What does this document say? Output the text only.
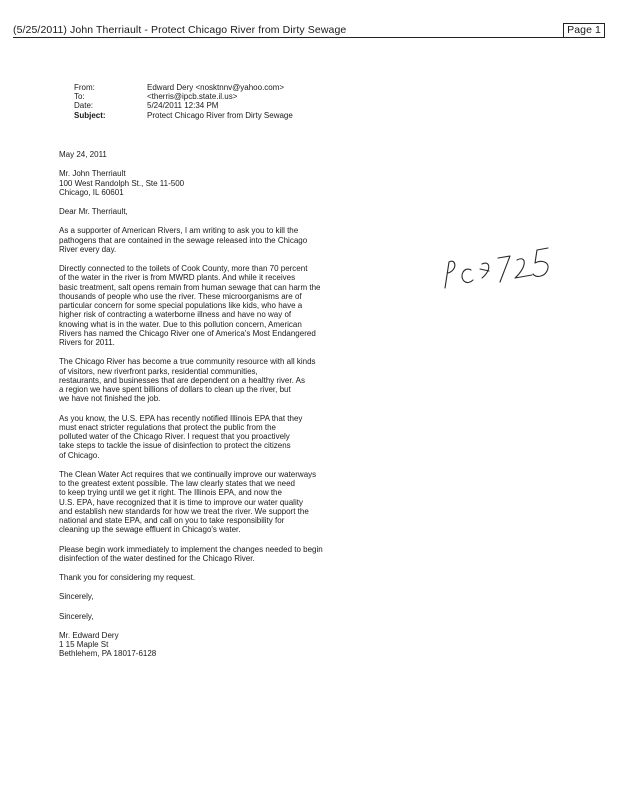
(5/25/2011) John Therriault - Protect Chicago River from Dirty Sewage	Page 1
From:	Edward Dery <nosktnnv@yahoo.com>
To:	<therris@ipcb.state.il.us>
Date:	5/24/2011 12:34 PM
Subject:	Protect Chicago River from Dirty Sewage

May 24, 2011

Mr. John Therriault
100 West Randolph St., Ste 11-500
Chicago, IL 60601

Dear Mr. Therriault,

As a supporter of American Rivers, I am writing to ask you to kill the
pathogens that are contained in the sewage released into the Chicago
River every day.

Directly connected to the toilets of Cook County, more than 70 percent
of the water in the river is from MWRD plants. And while it receives
basic treatment, salt opens remain from human sewage that can harm the
thousands of people who use the river. These microorganisms are of
particular concern for some special populations like kids, who have a
higher risk of contracting a waterborne illness and have no way of
knowing what is in the water. Due to this pollution concern, American
Rivers has named the Chicago River one of America's Most Endangered
Rivers for 2011.

The Chicago River has become a true community resource with all kinds
of visitors, new riverfront parks, residential communities,
restaurants, and businesses that are dependent on a healthy river. As
a region we have spent billions of dollars to clean up the river, but
we have not finished the job.

As you know, the U.S. EPA has recently notified Illinois EPA that they
must enact stricter regulations that protect the public from the
polluted water of the Chicago River. I request that you proactively
take steps to tackle the issue of disinfection to protect the citizens
of Chicago.

The Clean Water Act requires that we continually improve our waterways
to the greatest extent possible. The law clearly states that we need
to keep trying until we get it right. The Illinois EPA, and now the
U.S. EPA, have recognized that it is time to improve our water quality
and establish new standards for how we treat the river. We support the
national and state EPA, and call on you to take responsibility for
cleaning up the sewage effluent in Chicago's water.

Please begin work immediately to implement the changes needed to begin
disinfection of the water destined for the Chicago River.

Thank you for considering my request.

Sincerely,

Sincerely,

Mr. Edward Dery
1 15 Maple St
Bethlehem, PA 18017-6128
